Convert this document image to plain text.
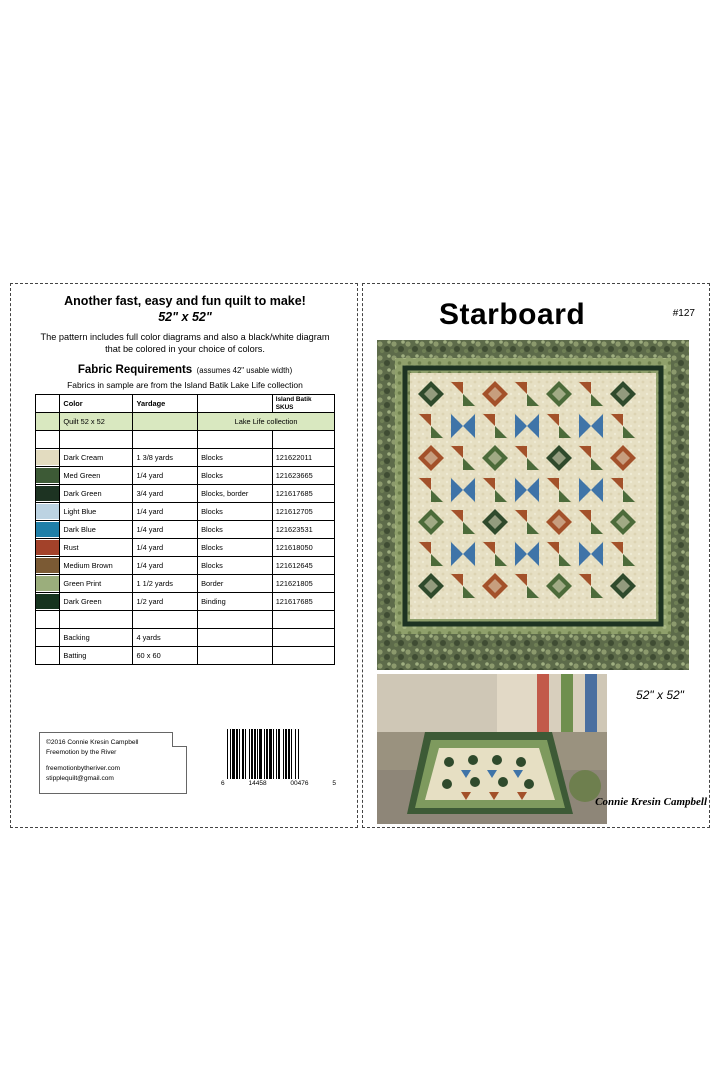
Another fast, easy and fun quilt to make!
52" x 52"
The pattern includes full color diagrams and also a black/white diagram that be colored in your choice of colors.
Fabric Requirements (assumes 42" usable width)
Fabrics in sample are from the Island Batik Lake Life collection
	Color	Yardage		Island Batik
SKUS
	Quilt 52 x 52		Lake Life collection	

	Dark Cream	1 3/8 yards	Blocks	121622011

	Med Green	1/4 yard	Blocks	121623665

	Dark Green	3/4 yard	Blocks, border	121617685

	Light Blue	1/4 yard	Blocks	121612705

	Dark Blue	1/4 yard	Blocks	121623531

	Rust	1/4 yard	Blocks	121618050

	Medium Brown	1/4 yard	Blocks	121612645

	Green Print	1 1/2 yards	Border	121621805

	Dark Green	1/2 yard	Binding	121617685

	Backing	4 yards		
	Batting	60 x 60		
©2016 Connie Kresin Campbell
Freemotion by the River
freemotionbytheriver.com
stipplequilt@gmail.com
6	14458	00476	5
Starboard	#127
52" x 52"
Connie Kresin Campbell
